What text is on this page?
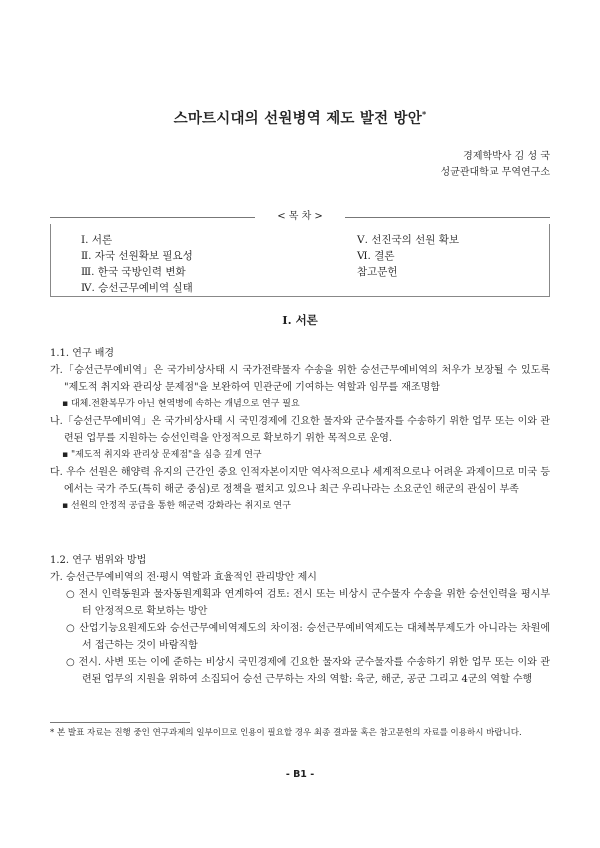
스마트시대의 선원병역 제도 발전 방안*
경제학박사 김 성 국
성균관대학교 무역연구소
< 목 차 >
Ⅰ. 서론
Ⅱ. 자국 선원확보 필요성
Ⅲ. 한국 국방인력 변화
Ⅳ. 승선근무예비역 실태
Ⅴ. 선진국의 선원 확보
Ⅵ. 결론
참고문헌
Ⅰ. 서론
1.1. 연구 배경
가.「승선근무예비역」은 국가비상사태 시 국가전략물자 수송을 위한 승선근무예비역의 처우가 보장될 수 있도록 "제도적 취지와 관리상 문제점"을 보완하여 민관군에 기여하는 역할과 임무를 재조명함
▪ 대체.전환복무가 아닌 현역병에 속하는 개념으로 연구 필요
나.「승선근무예비역」은 국가비상사태 시 국민경제에 긴요한 물자와 군수물자를 수송하기 위한 업무 또는 이와 관련된 업무를 지원하는 승선인력을 안정적으로 확보하기 위한 목적으로 운영.
▪ "제도적 취지와 관리상 문제점"을 심층 깊게 연구
다. 우수 선원은 해양력 유지의 근간인 중요 인적자본이지만 역사적으로나 세계적으로나 어려운 과제이므로 미국 등에서는 국가 주도(특히 해군 중심)로 정책을 펼치고 있으나 최근 우리나라는 소요군인 해군의 관심이 부족
▪ 선원의 안정적 공급을 통한 해군력 강화라는 취지로 연구
1.2. 연구 범위와 방법
가. 승선근무예비역의 전·평시 역할과 효율적인 관리방안 제시
○ 전시 인력동원과 물자동원계획과 연계하여 검토: 전시 또는 비상시 군수물자 수송을 위한 승선인력을 평시부터 안정적으로 확보하는 방안
○ 산업기능요원제도와 승선근무예비역제도의 차이점: 승선근무예비역제도는 대체복무제도가 아니라는 차원에서 접근하는 것이 바람직함
○ 전시. 사변 또는 이에 준하는 비상시 국민경제에 긴요한 물자와 군수물자를 수송하기 위한 업무 또는 이와 관련된 업무의 지원을 위하여 소집되어 승선 근무하는 자의 역할: 육군, 해군, 공군 그리고 4군의 역할 수행
* 본 발표 자료는 진행 중인 연구과제의 일부이므로 인용이 필요할 경우 최종 결과물 혹은 참고문헌의 자료를 이용하시 바랍니다.
- B1 -
